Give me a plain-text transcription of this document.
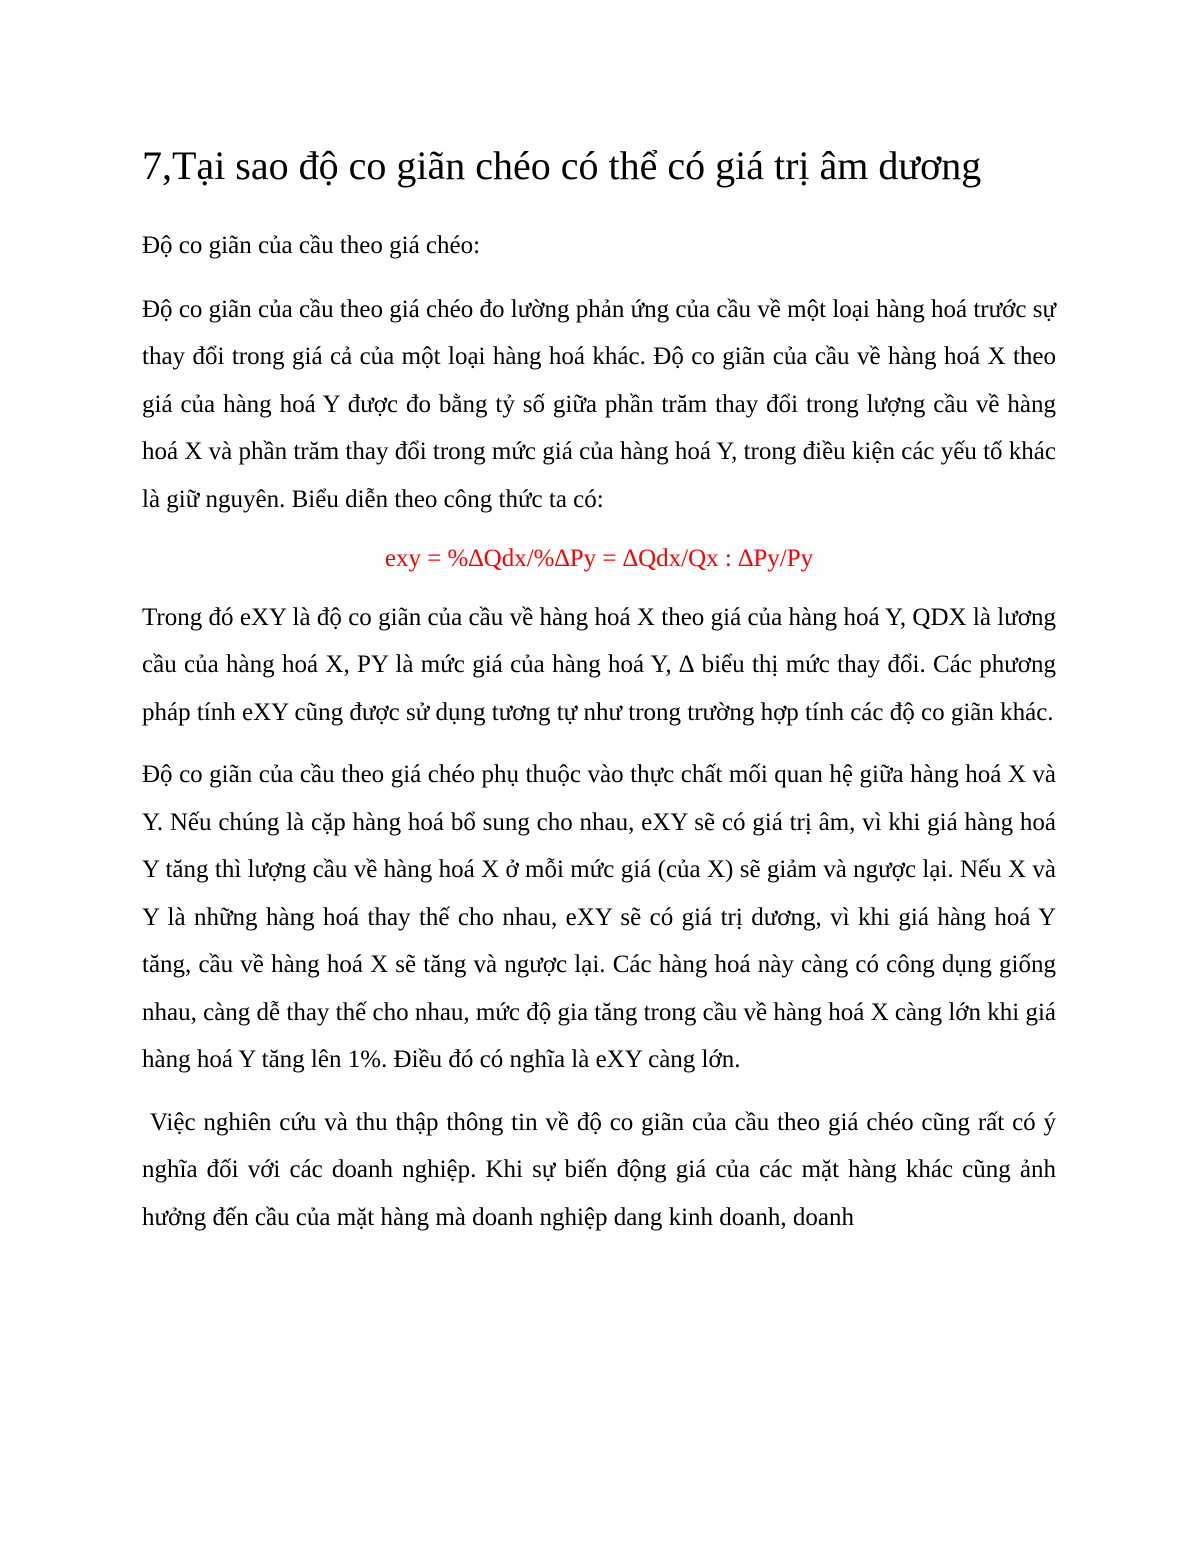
7,Tại sao độ co giãn chéo có thể có giá trị âm dương

Độ co giãn của cầu theo giá chéo:

Độ co giãn của cầu theo giá chéo đo lường phản ứng của cầu về một loại hàng hoá trước sự thay đổi trong giá cả của một loại hàng hoá khác. Độ co giãn của cầu về hàng hoá X theo giá của hàng hoá Y được đo bằng tỷ số giữa phần trăm thay đổi trong lượng cầu về hàng hoá X và phần trăm thay đổi trong mức giá của hàng hoá Y, trong điều kiện các yếu tố khác là giữ nguyên. Biểu diễn theo công thức ta có:

exy = %∆Qdx/%∆Py = ∆Qdx/Qx : ∆Py/Py

Trong đó eXY là độ co giãn của cầu về hàng hoá X theo giá của hàng hoá Y, QDX là lương cầu của hàng hoá X, PY là mức giá của hàng hoá Y, ∆ biểu thị mức thay đổi. Các phương pháp tính eXY cũng được sử dụng tương tự như trong trường hợp tính các độ co giãn khác.

Độ co giãn của cầu theo giá chéo phụ thuộc vào thực chất mối quan hệ giữa hàng hoá X và Y. Nếu chúng là cặp hàng hoá bổ sung cho nhau, eXY sẽ có giá trị âm, vì khi giá hàng hoá Y tăng thì lượng cầu về hàng hoá X ở mỗi mức giá (của X) sẽ giảm và ngược lại. Nếu X và Y là những hàng hoá thay thế cho nhau, eXY sẽ có giá trị dương, vì khi giá hàng hoá Y tăng, cầu về hàng hoá X sẽ tăng và ngược lại. Các hàng hoá này càng có công dụng giống nhau, càng dễ thay thế cho nhau, mức độ gia tăng trong cầu về hàng hoá X càng lớn khi giá hàng hoá Y tăng lên 1%. Điều đó có nghĩa là eXY càng lớn.

Việc nghiên cứu và thu thập thông tin về độ co giãn của cầu theo giá chéo cũng rất có ý nghĩa đối với các doanh nghiệp. Khi sự biến động giá của các mặt hàng khác cũng ảnh hưởng đến cầu của mặt hàng mà doanh nghiệp dang kinh doanh, doanh
